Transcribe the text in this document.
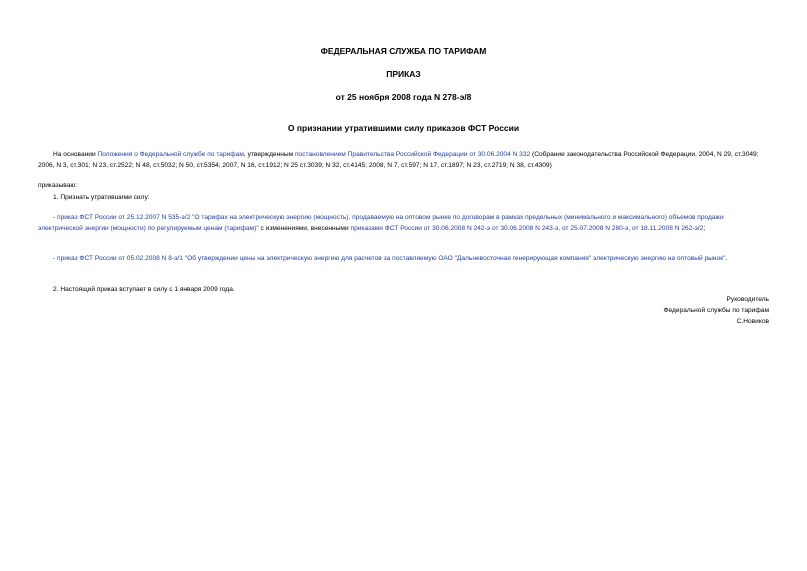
ФЕДЕРАЛЬНАЯ СЛУЖБА ПО ТАРИФАМ

ПРИКАЗ

от 25 ноября 2008 года N 278-э/8

О признании утратившими силу приказов ФСТ России

На основании Положения о Федеральной службе по тарифам, утвержденным постановлением Правительства Российской Федерации от 30.06.2004 N 332 (Собрание законодательства Российской Федерации, 2004, N 29, ст.3049; 2006, N 3, ст.301; N 23, ст.2522; N 48, ст.5032; N 50, ст.5354; 2007, N 16, ст.1912; N 25 ст.3039; N 32, ст.4145; 2008, N 7, ст.597; N 17, ст.1897; N 23, ст.2719; N 38, ст.4309)

приказываю:

1. Признать утратившими силу:

- приказ ФСТ России от 25.12.2007 N 535-э/2 "О тарифах на электрическую энергию (мощность), продаваемую на оптовом рынке по договорам в рамках предельных (минимального и максимального) объемов продажи электрической энергии (мощности) по регулируемым ценам (тарифам)" с изменениями, внесенными приказами ФСТ России от 30.06.2008 N 242-э от 30.06.2008 N 243-э, от 25.07.2008 N 280-э, от 18.11.2008 N 262-э/2;

- приказ ФСТ России от 05.02.2008 N 8-э/1 "Об утверждении цены на электрическую энергию для расчетов за поставляемую ОАО "Дальневосточная генерирующая компания" электрическую энергию на оптовый рынок".

2. Настоящий приказ вступает в силу с 1 января 2009 года.

Руководитель
Федеральной службы по тарифам
С.Новиков
